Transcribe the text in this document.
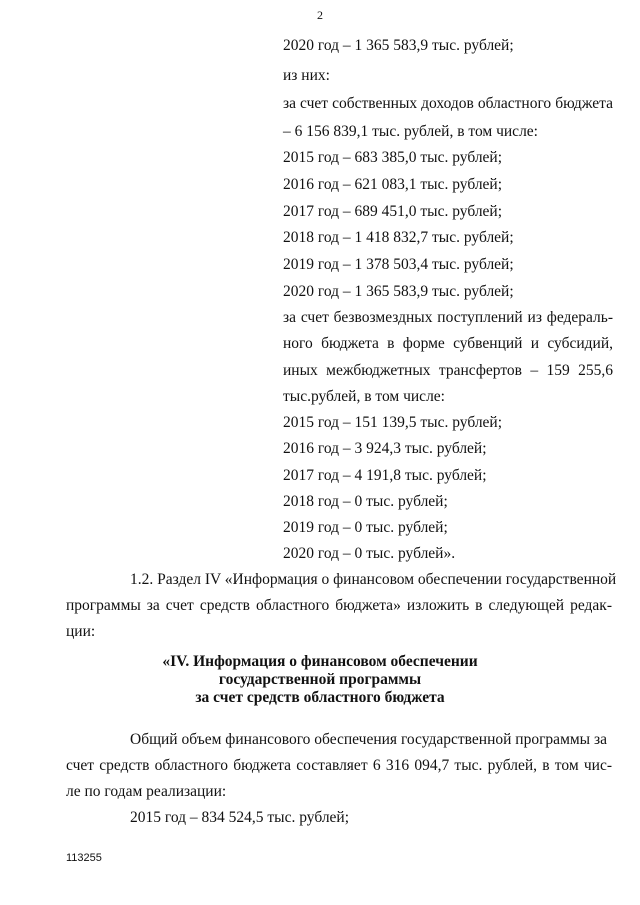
2
2020 год – 1 365 583,9 тыс. рублей;
из них:
за счет собственных доходов областного бюджета
– 6 156 839,1 тыс. рублей, в том числе:
2015 год – 683 385,0 тыс. рублей;
2016 год – 621 083,1 тыс. рублей;
2017 год – 689 451,0 тыс. рублей;
2018 год – 1 418 832,7 тыс. рублей;
2019 год – 1 378 503,4 тыс. рублей;
2020 год – 1 365 583,9 тыс. рублей;
за счет безвозмездных поступлений из федераль-
ного бюджета в форме субвенций и субсидий,
иных межбюджетных трансфертов – 159 255,6
тыс.рублей, в том числе:
2015 год – 151 139,5 тыс. рублей;
2016 год – 3 924,3 тыс. рублей;
2017 год – 4 191,8 тыс. рублей;
2018 год – 0 тыс. рублей;
2019 год – 0 тыс. рублей;
2020 год – 0 тыс. рублей».
1.2. Раздел IV «Информация о финансовом обеспечении государственной
программы за счет средств областного бюджета» изложить в следующей редак-
ции:
«IV. Информация о финансовом обеспечении
государственной программы
за счет средств областного бюджета
Общий объем финансового обеспечения государственной программы за
счет средств областного бюджета составляет 6 316 094,7 тыс. рублей, в том чис-
ле по годам реализации:
2015 год – 834 524,5 тыс. рублей;
113255
